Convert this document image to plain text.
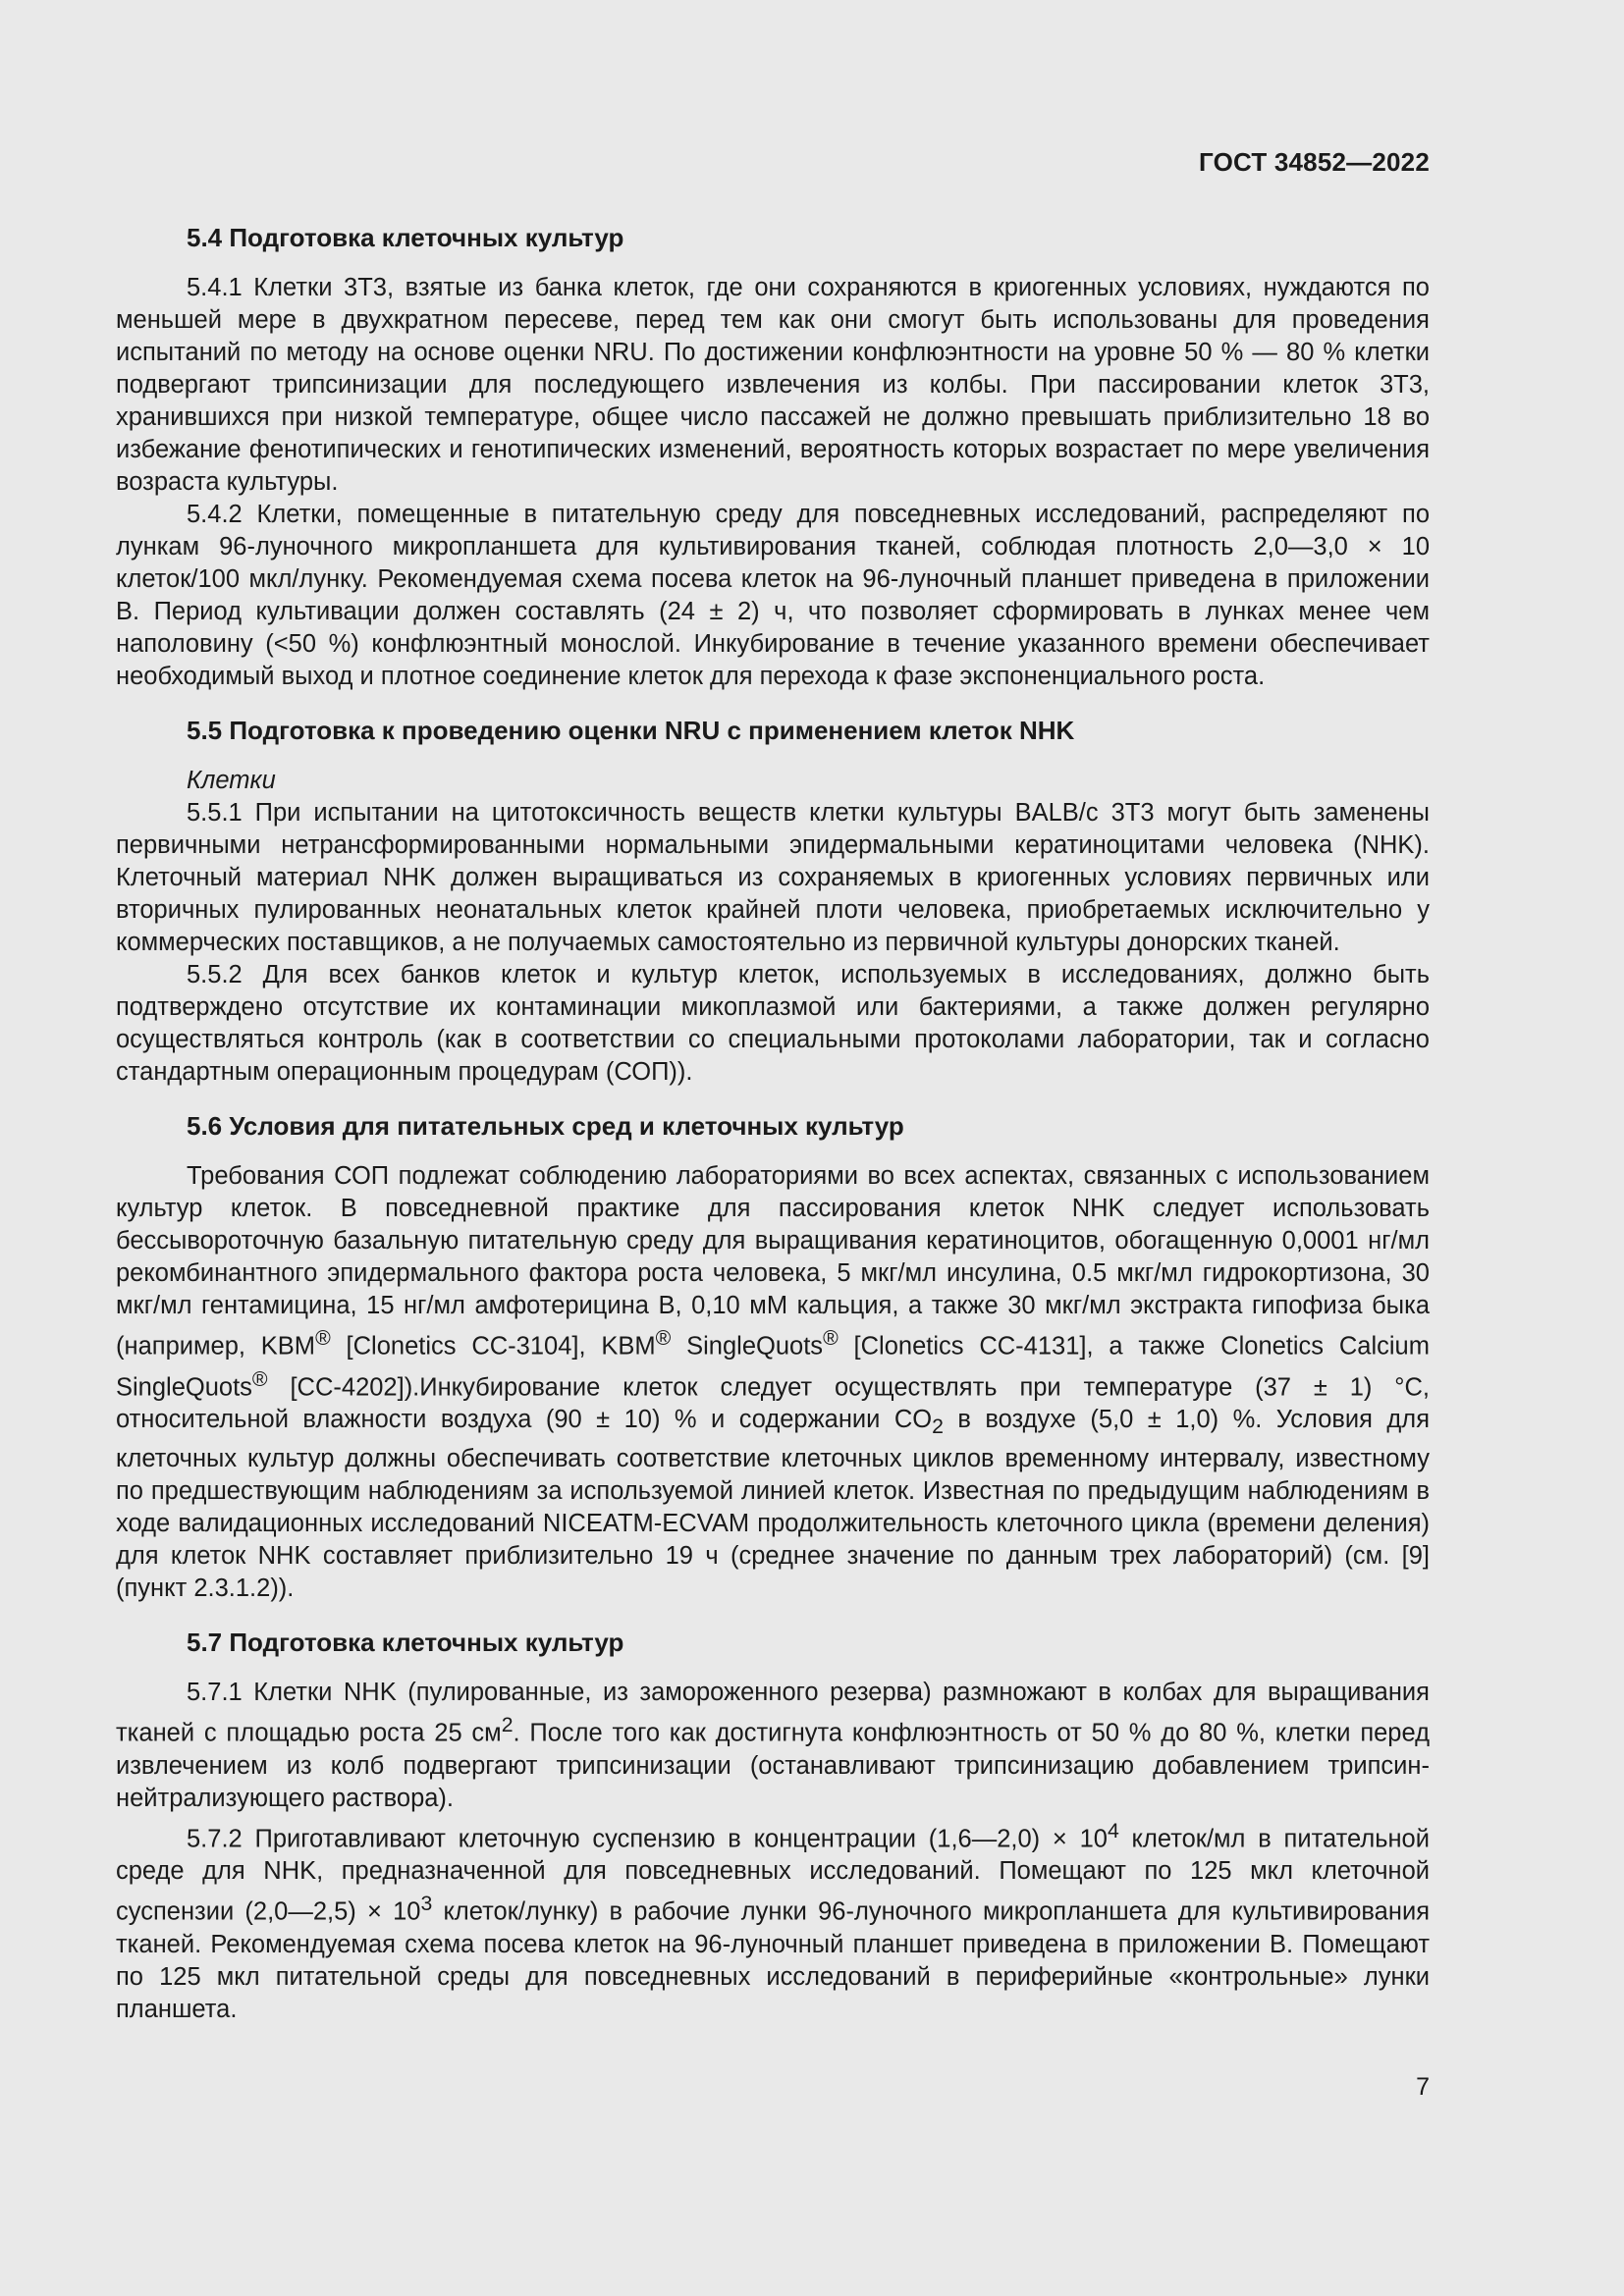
ГОСТ 34852—2022
5.4 Подготовка клеточных культур

5.4.1 Клетки 3Т3, взятые из банка клеток, где они сохраняются в криогенных условиях, нуждаются по меньшей мере в двухкратном пересеве, перед тем как они смогут быть использованы для проведения испытаний по методу на основе оценки NRU. По достижении конфлюэнтности на уровне 50 % — 80 % клетки подвергают трипсинизации для последующего извлечения из колбы. При пассировании клеток 3Т3, хранившихся при низкой температуре, общее число пассажей не должно превышать приблизительно 18 во избежание фенотипических и генотипических изменений, вероятность которых возрастает по мере увеличения возраста культуры.

5.4.2 Клетки, помещенные в питательную среду для повседневных исследований, распределяют по лункам 96-луночного микропланшета для культивирования тканей, соблюдая плотность 2,0—3,0 × 10 клеток/100 мкл/лунку. Рекомендуемая схема посева клеток на 96-луночный планшет приведена в приложении В. Период культивации должен составлять (24 ± 2) ч, что позволяет сформировать в лунках менее чем наполовину (<50 %) конфлюэнтный монослой. Инкубирование в течение указанного времени обеспечивает необходимый выход и плотное соединение клеток для перехода к фазе экспоненциального роста.

5.5 Подготовка к проведению оценки NRU с применением клеток NHK

Клетки

5.5.1 При испытании на цитотоксичность веществ клетки культуры BALB/c 3T3 могут быть заменены первичными нетрансформированными нормальными эпидермальными кератиноцитами человека (NHK). Клеточный материал NHK должен выращиваться из сохраняемых в криогенных условиях первичных или вторичных пулированных неонатальных клеток крайней плоти человека, приобретаемых исключительно у коммерческих поставщиков, а не получаемых самостоятельно из первичной культуры донорских тканей.

5.5.2 Для всех банков клеток и культур клеток, используемых в исследованиях, должно быть подтверждено отсутствие их контаминации микоплазмой или бактериями, а также должен регулярно осуществляться контроль (как в соответствии со специальными протоколами лаборатории, так и согласно стандартным операционным процедурам (СОП)).

5.6 Условия для питательных сред и клеточных культур

Требования СОП подлежат соблюдению лабораториями во всех аспектах, связанных с использованием культур клеток. В повседневной практике для пассирования клеток NHK следует использовать бессывороточную базальную питательную среду для выращивания кератиноцитов, обогащенную 0,0001 нг/мл рекомбинантного эпидермального фактора роста человека, 5 мкг/мл инсулина, 0.5 мкг/мл гидрокортизона, 30 мкг/мл гентамицина, 15 нг/мл амфотерицина В, 0,10 мМ кальция, а также 30 мкг/мл экстракта гипофиза быка (например, KBM® [Clonetics CC-3104], KBM® SingleQuots® [Clonetics CC-4131], а также Clonetics Calcium SingleQuots® [CC-4202]).Инкубирование клеток следует осуществлять при температуре (37 ± 1) °С, относительной влажности воздуха (90 ± 10) % и содержании $CO_2$ в воздухе (5,0 ± 1,0) %. Условия для клеточных культур должны обеспечивать соответствие клеточных циклов временному интервалу, известному по предшествующим наблюдениям за используемой линией клеток. Известная по предыдущим наблюдениям в ходе валидационных исследований NICEATM-ECVAM продолжительность клеточного цикла (времени деления) для клеток NHK составляет приблизительно 19 ч (среднее значение по данным трех лабораторий) (см. [9] (пункт 2.3.1.2)).

5.7 Подготовка клеточных культур

5.7.1 Клетки NHK (пулированные, из замороженного резерва) размножают в колбах для выращивания тканей с площадью роста 25 $см^2$. После того как достигнута конфлюэнтность от 50 % до 80 %, клетки перед извлечением из колб подвергают трипсинизации (останавливают трипсинизацию добавлением трипсин-нейтрализующего раствора).

5.7.2 Приготавливают клеточную суспензию в концентрации (1,6—2,0) × $10^4$ клеток/мл в питательной среде для NHK, предназначенной для повседневных исследований. Помещают по 125 мкл клеточной суспензии (2,0—2,5) × $10^3$ клеток/лунку) в рабочие лунки 96-луночного микропланшета для культивирования тканей. Рекомендуемая схема посева клеток на 96-луночный планшет приведена в приложении В. Помещают по 125 мкл питательной среды для повседневных исследований в периферийные «контрольные» лунки планшета.

7
